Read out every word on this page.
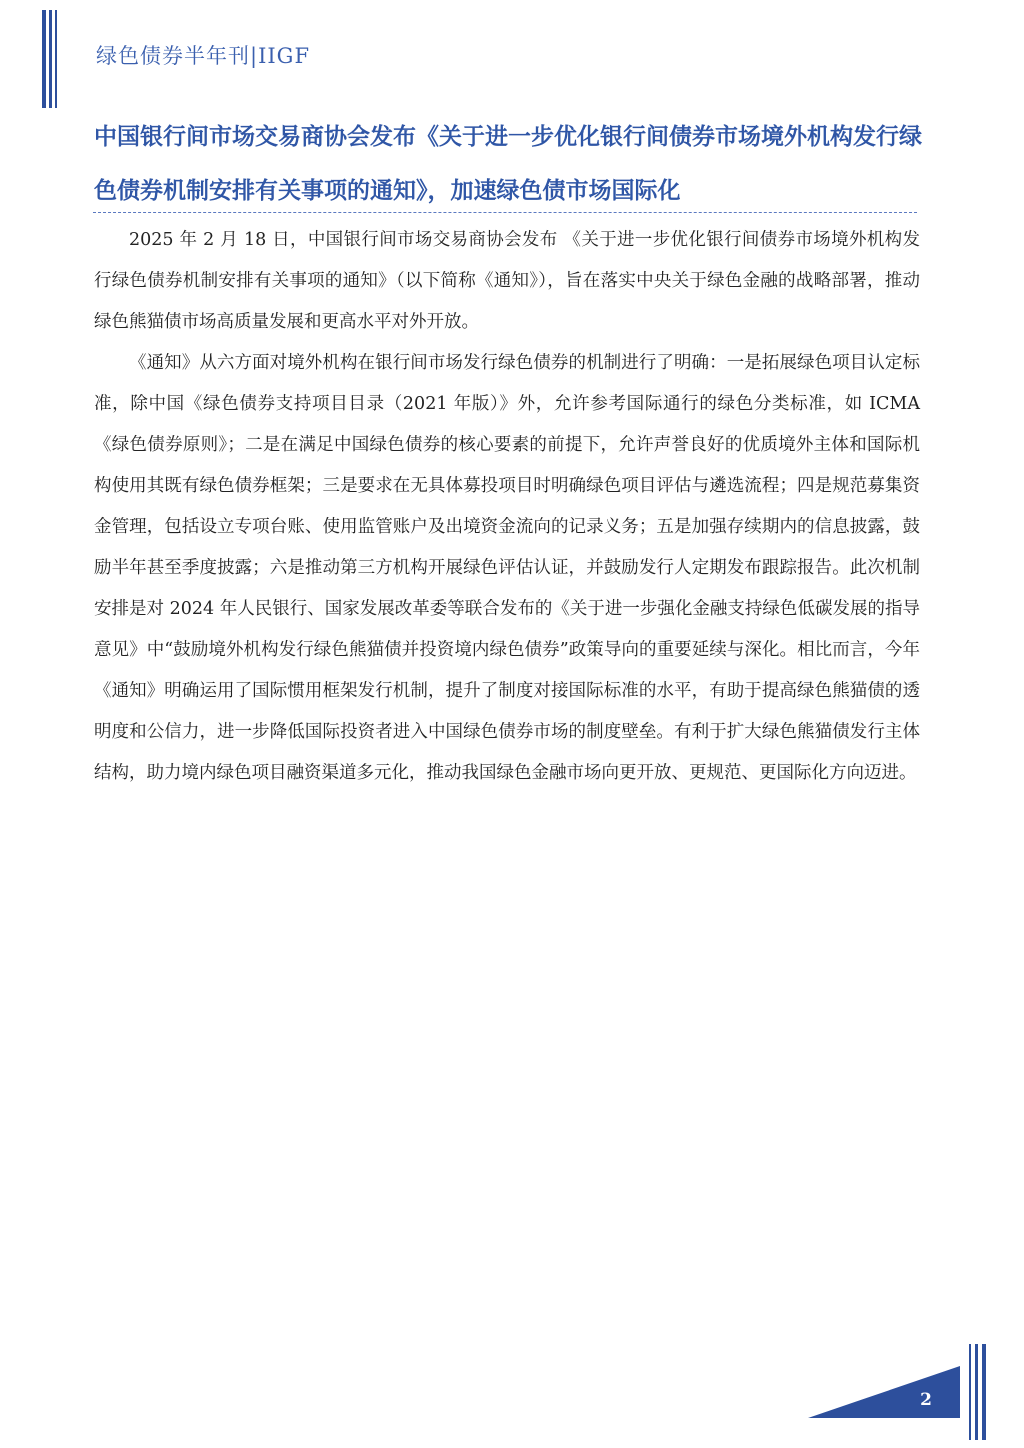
绿色债券半年刊|IIGF
中国银行间市场交易商协会发布《关于进一步优化银行间债券市场境外机构发行绿色债券机制安排有关事项的通知》，加速绿色债市场国际化

2025 年 2 月 18 日，中国银行间市场交易商协会发布 《关于进一步优化银行间债券市场境外机构发行绿色债券机制安排有关事项的通知》（以下简称《通知》），旨在落实中央关于绿色金融的战略部署，推动绿色熊猫债市场高质量发展和更高水平对外开放。

《通知》从六方面对境外机构在银行间市场发行绿色债券的机制进行了明确：一是拓展绿色项目认定标准，除中国《绿色债券支持项目目录（2021 年版）》外，允许参考国际通行的绿色分类标准，如 ICMA《绿色债券原则》；二是在满足中国绿色债券的核心要素的前提下，允许声誉良好的优质境外主体和国际机构使用其既有绿色债券框架；三是要求在无具体募投项目时明确绿色项目评估与遴选流程；四是规范募集资金管理，包括设立专项台账、使用监管账户及出境资金流向的记录义务；五是加强存续期内的信息披露，鼓励半年甚至季度披露；六是推动第三方机构开展绿色评估认证，并鼓励发行人定期发布跟踪报告。此次机制安排是对 2024 年人民银行、国家发展改革委等联合发布的《关于进一步强化金融支持绿色低碳发展的指导意见》中“鼓励境外机构发行绿色熊猫债并投资境内绿色债券”政策导向的重要延续与深化。相比而言，今年《通知》明确运用了国际惯用框架发行机制，提升了制度对接国际标准的水平，有助于提高绿色熊猫债的透明度和公信力，进一步降低国际投资者进入中国绿色债券市场的制度壁垒。有利于扩大绿色熊猫债发行主体结构，助力境内绿色项目融资渠道多元化，推动我国绿色金融市场向更开放、更规范、更国际化方向迈进。

2
